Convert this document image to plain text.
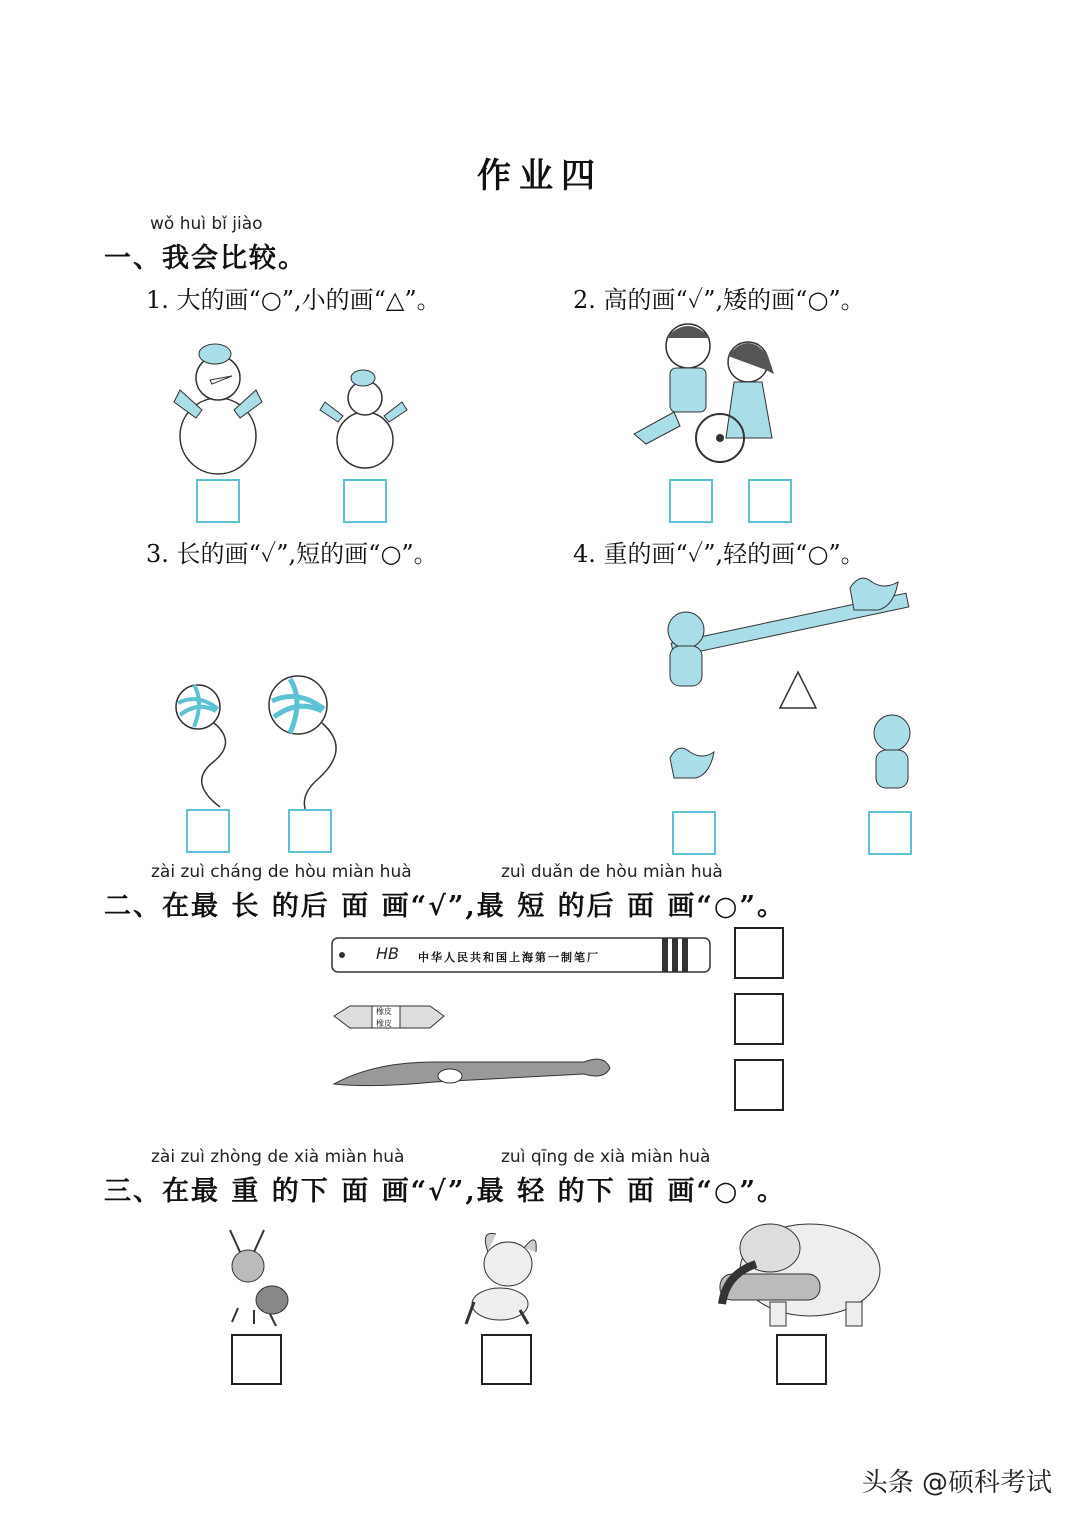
作业四
wǒ huì bǐ jiào
一、我会比较。
1. 大的画“○”,小的画“△”。	2. 高的画“✓”,矮的画“○”。
3. 长的画“✓”,短的画“○”。	4. 重的画“✓”,轻的画“○”。
zài zuì cháng de hòu miàn huà	zuì duǎn de hòu miàn huà
二、在最 长 的后 面 画“√”,最 短 的后 面 画“○”。
HB 中华人民共和国上海第一制笔厂
橡皮
橡皮
zài zuì zhòng de xià miàn huà	zuì qīng de xià miàn huà
三、在最 重 的下 面 画“√”,最 轻 的下 面 画“○”。
头条 @硕科考试
